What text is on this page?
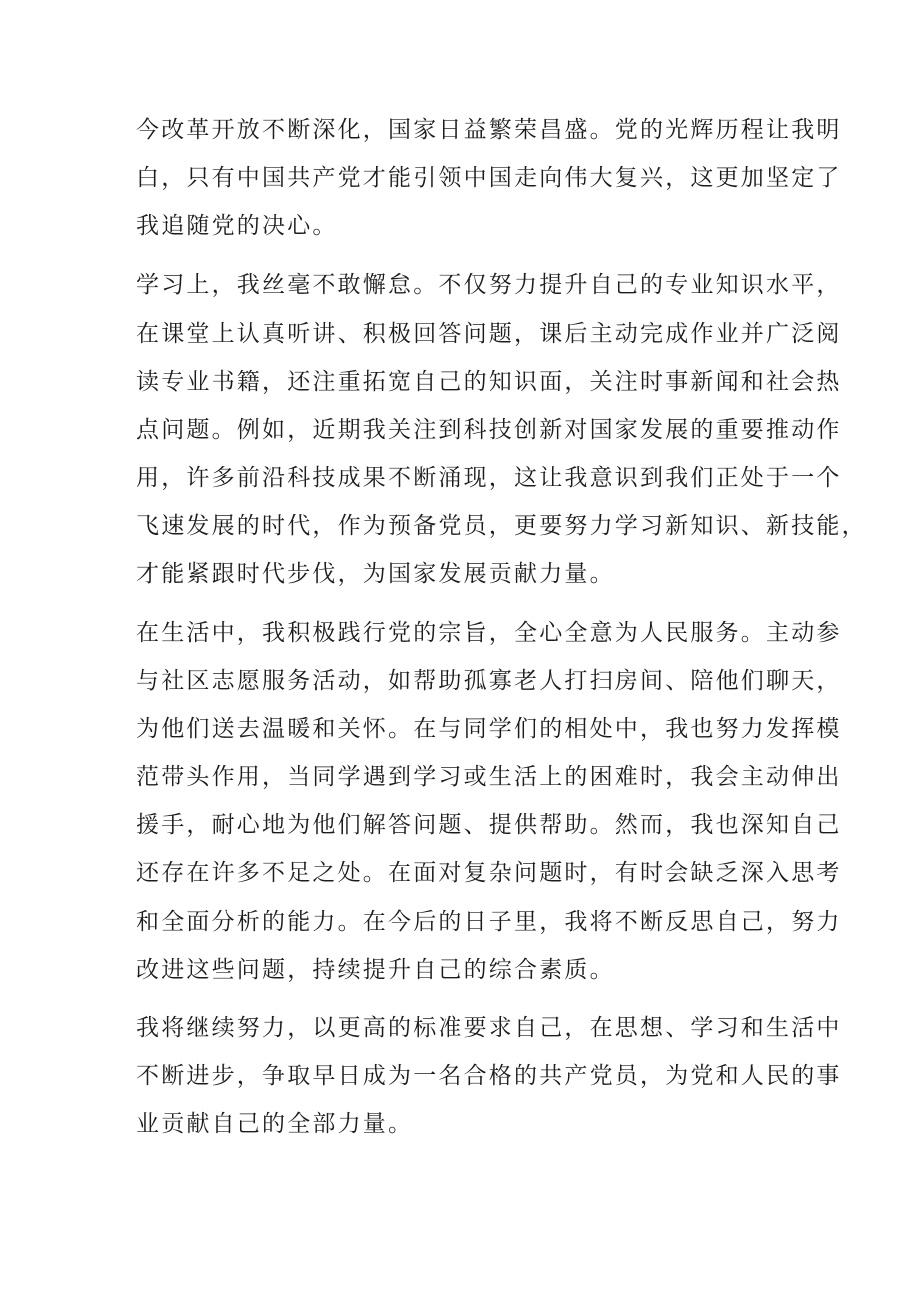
今改革开放不断深化，国家日益繁荣昌盛。党的光辉历程让我明
白，只有中国共产党才能引领中国走向伟大复兴，这更加坚定了
我追随党的决心。
学习上，我丝毫不敢懈怠。不仅努力提升自己的专业知识水平，
在课堂上认真听讲、积极回答问题，课后主动完成作业并广泛阅
读专业书籍，还注重拓宽自己的知识面，关注时事新闻和社会热
点问题。例如，近期我关注到科技创新对国家发展的重要推动作
用，许多前沿科技成果不断涌现，这让我意识到我们正处于一个
飞速发展的时代，作为预备党员，更要努力学习新知识、新技能，
才能紧跟时代步伐，为国家发展贡献力量。
在生活中，我积极践行党的宗旨，全心全意为人民服务。主动参
与社区志愿服务活动，如帮助孤寡老人打扫房间、陪他们聊天，
为他们送去温暖和关怀。在与同学们的相处中，我也努力发挥模
范带头作用，当同学遇到学习或生活上的困难时，我会主动伸出
援手，耐心地为他们解答问题、提供帮助。然而，我也深知自己
还存在许多不足之处。在面对复杂问题时，有时会缺乏深入思考
和全面分析的能力。在今后的日子里，我将不断反思自己，努力
改进这些问题，持续提升自己的综合素质。
我将继续努力，以更高的标准要求自己，在思想、学习和生活中
不断进步，争取早日成为一名合格的共产党员，为党和人民的事
业贡献自己的全部力量。
